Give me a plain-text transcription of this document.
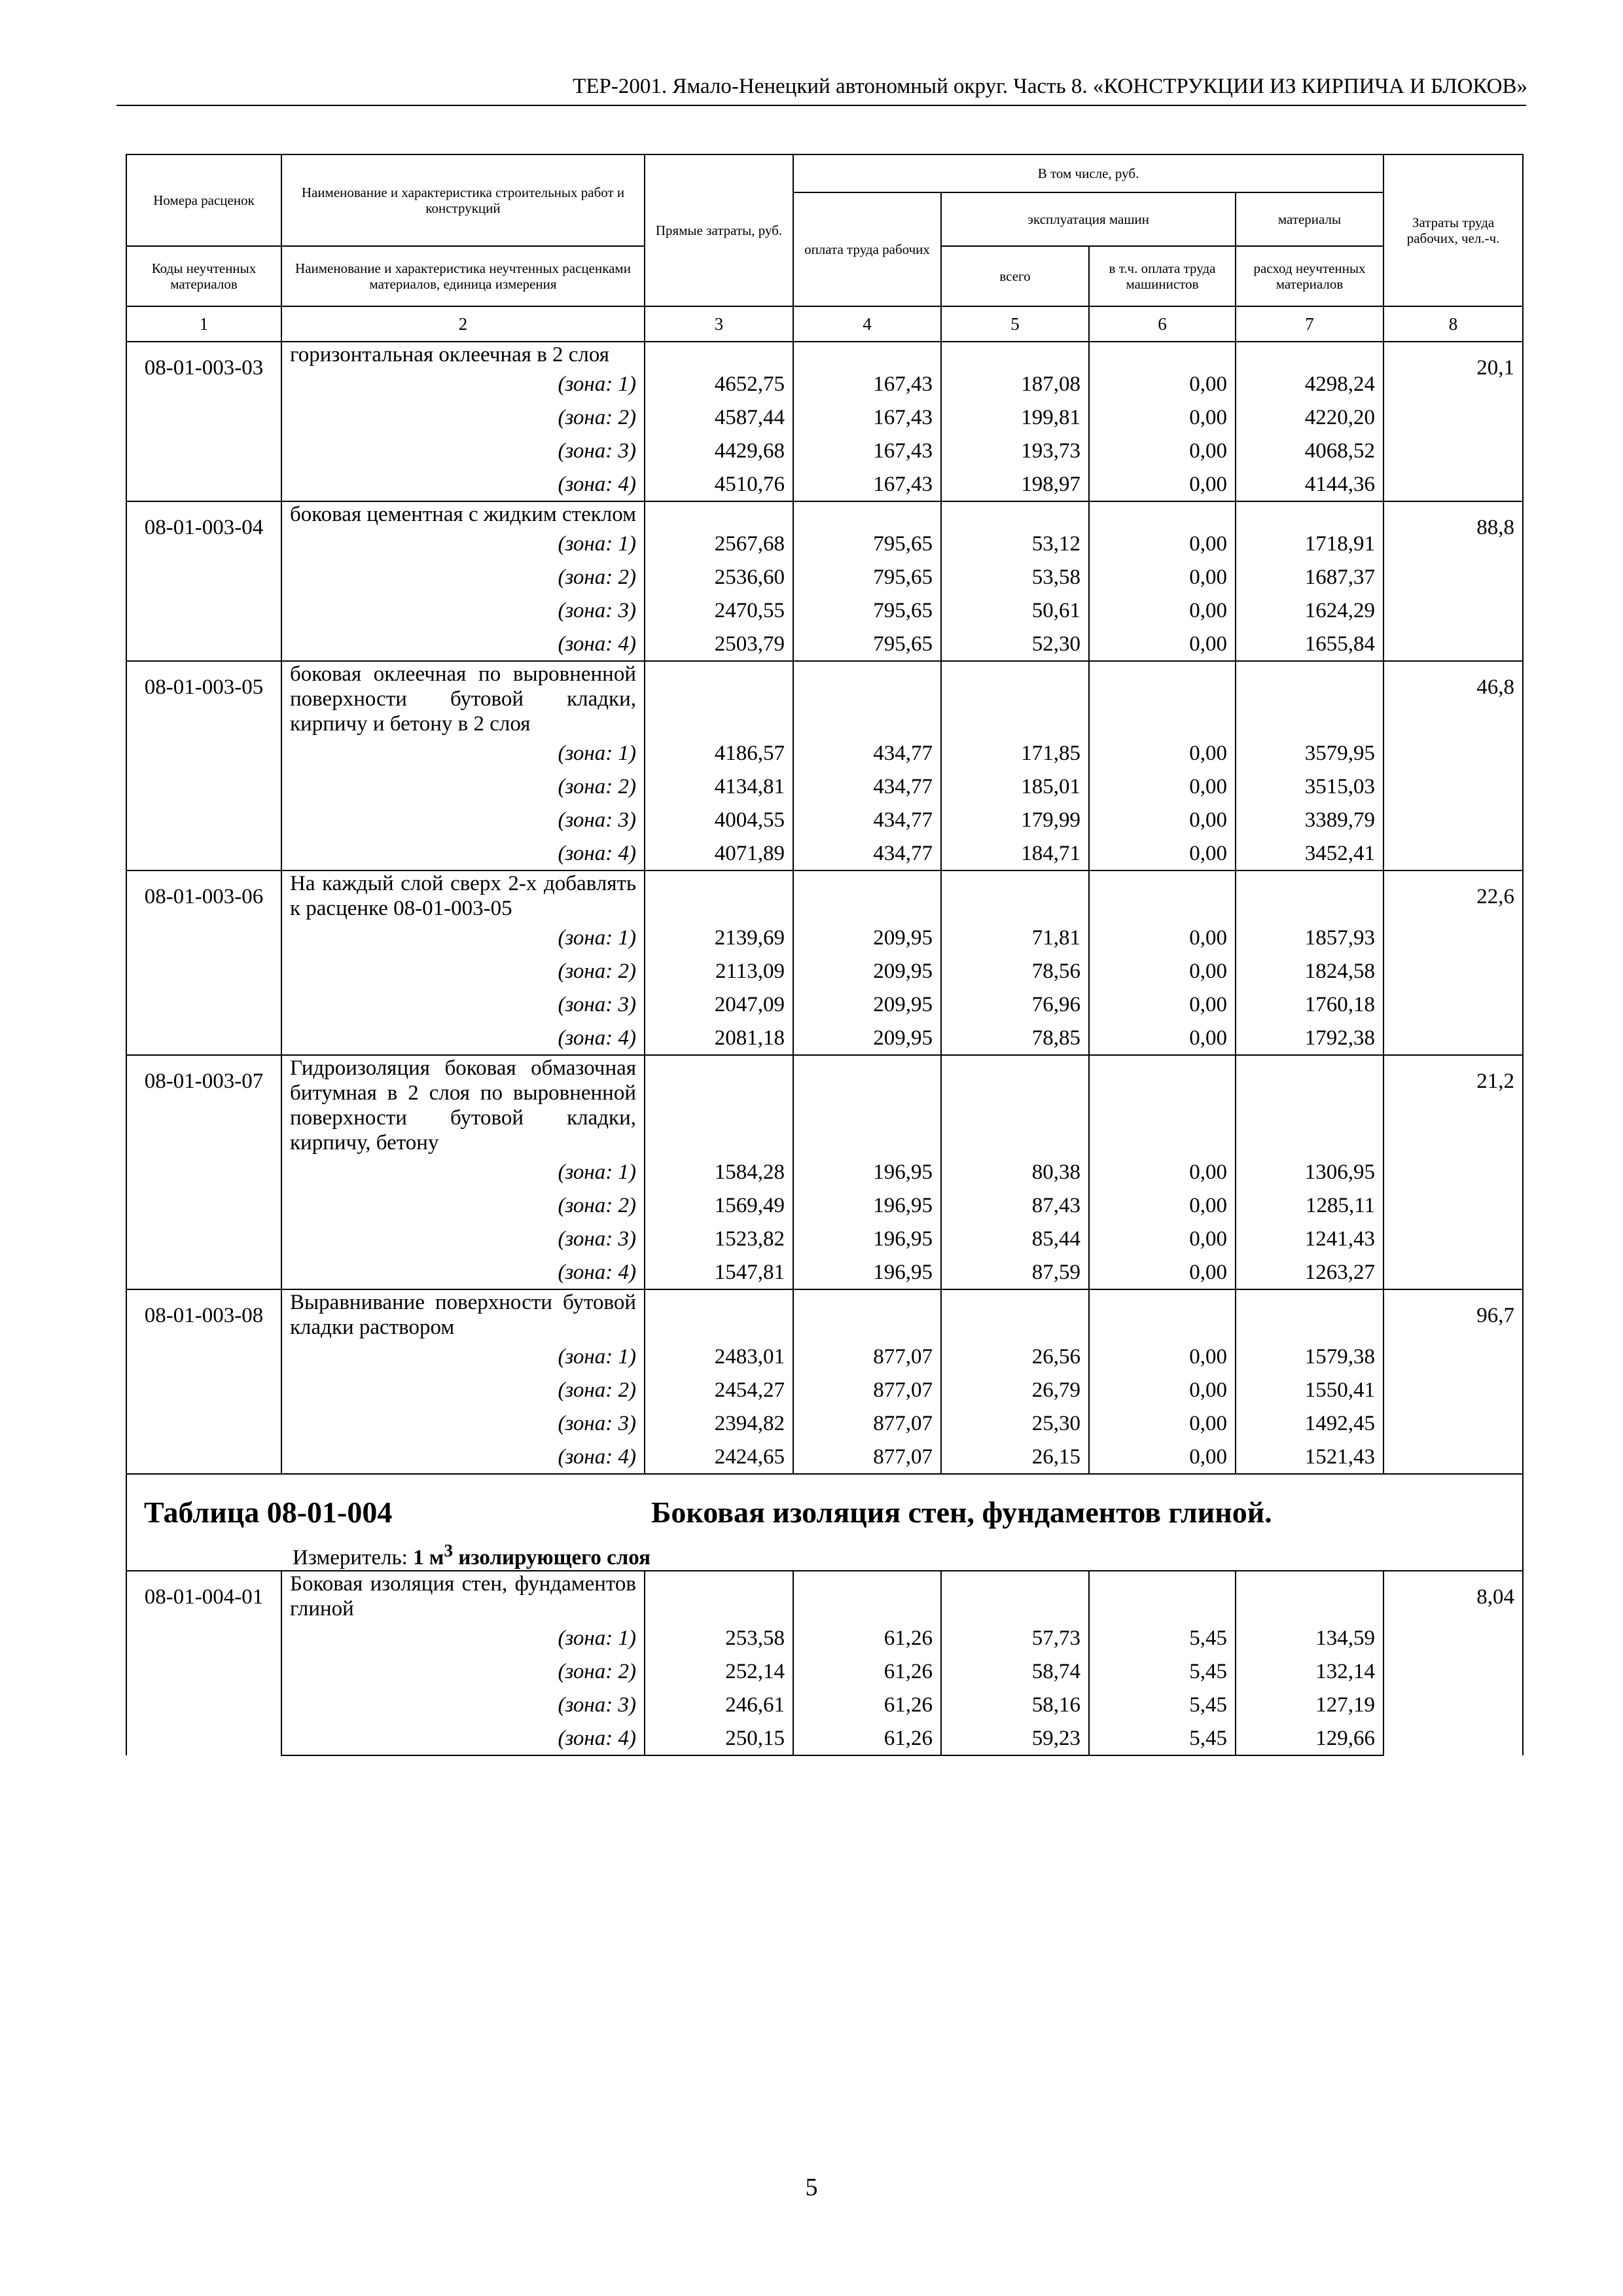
ТЕР-2001. Ямало-Ненецкий автономный округ. Часть 8. «КОНСТРУКЦИИ ИЗ КИРПИЧА И БЛОКОВ»
Номера расценок	Наименование и характеристика строительных работ и конструкций	Прямые затраты, руб.	В том числе, руб.				Затраты труда рабочих, чел.-ч.
			оплата труда рабочих	эксплуатация машин		материалы	
Коды неучтенных материалов	Наименование и характеристика неучтенных расценками материалов, единица измерения			всего	в т.ч. оплата труда машинистов	расход неучтенных материалов	
1	2	3	4	5	6	7	8
08-01-003-03	горизонтальная оклеечная в 2 слоя						20,1
	(зона: 1)	4652,75	167,43	187,08	0,00	4298,24	
	(зона: 2)	4587,44	167,43	199,81	0,00	4220,20	
	(зона: 3)	4429,68	167,43	193,73	0,00	4068,52	
	(зона: 4)	4510,76	167,43	198,97	0,00	4144,36	
08-01-003-04	боковая цементная с жидким стеклом						88,8
	(зона: 1)	2567,68	795,65	53,12	0,00	1718,91	
	(зона: 2)	2536,60	795,65	53,58	0,00	1687,37	
	(зона: 3)	2470,55	795,65	50,61	0,00	1624,29	
	(зона: 4)	2503,79	795,65	52,30	0,00	1655,84	
08-01-003-05	боковая оклеечная по выровненной поверхности бутовой кладки, кирпичу и бетону в 2 слоя						46,8
	(зона: 1)	4186,57	434,77	171,85	0,00	3579,95	
	(зона: 2)	4134,81	434,77	185,01	0,00	3515,03	
	(зона: 3)	4004,55	434,77	179,99	0,00	3389,79	
	(зона: 4)	4071,89	434,77	184,71	0,00	3452,41	
08-01-003-06	На каждый слой сверх 2-х добавлять к расценке 08-01-003-05						22,6
	(зона: 1)	2139,69	209,95	71,81	0,00	1857,93	
	(зона: 2)	2113,09	209,95	78,56	0,00	1824,58	
	(зона: 3)	2047,09	209,95	76,96	0,00	1760,18	
	(зона: 4)	2081,18	209,95	78,85	0,00	1792,38	
08-01-003-07	Гидроизоляция боковая обмазочная битумная в 2 слоя по выровненной поверхности бутовой кладки, кирпичу, бетону						21,2
	(зона: 1)	1584,28	196,95	80,38	0,00	1306,95	
	(зона: 2)	1569,49	196,95	87,43	0,00	1285,11	
	(зона: 3)	1523,82	196,95	85,44	0,00	1241,43	
	(зона: 4)	1547,81	196,95	87,59	0,00	1263,27	
08-01-003-08	Выравнивание поверхности бутовой кладки раствором						96,7
	(зона: 1)	2483,01	877,07	26,56	0,00	1579,38	
	(зона: 2)	2454,27	877,07	26,79	0,00	1550,41	
	(зона: 3)	2394,82	877,07	25,30	0,00	1492,45	
	(зона: 4)	2424,65	877,07	26,15	0,00	1521,43	

Таблица 08-01-004 Боковая изоляция стен, фундаментов глиной.
Измеритель: 1 $м^3$ изолирующего слоя							

08-01-004-01	Боковая изоляция стен, фундаментов глиной						8,04
	(зона: 1)	253,58	61,26	57,73	5,45	134,59	
	(зона: 2)	252,14	61,26	58,74	5,45	132,14	
	(зона: 3)	246,61	61,26	58,16	5,45	127,19	
	(зона: 4)	250,15	61,26	59,23	5,45	129,66	
5
